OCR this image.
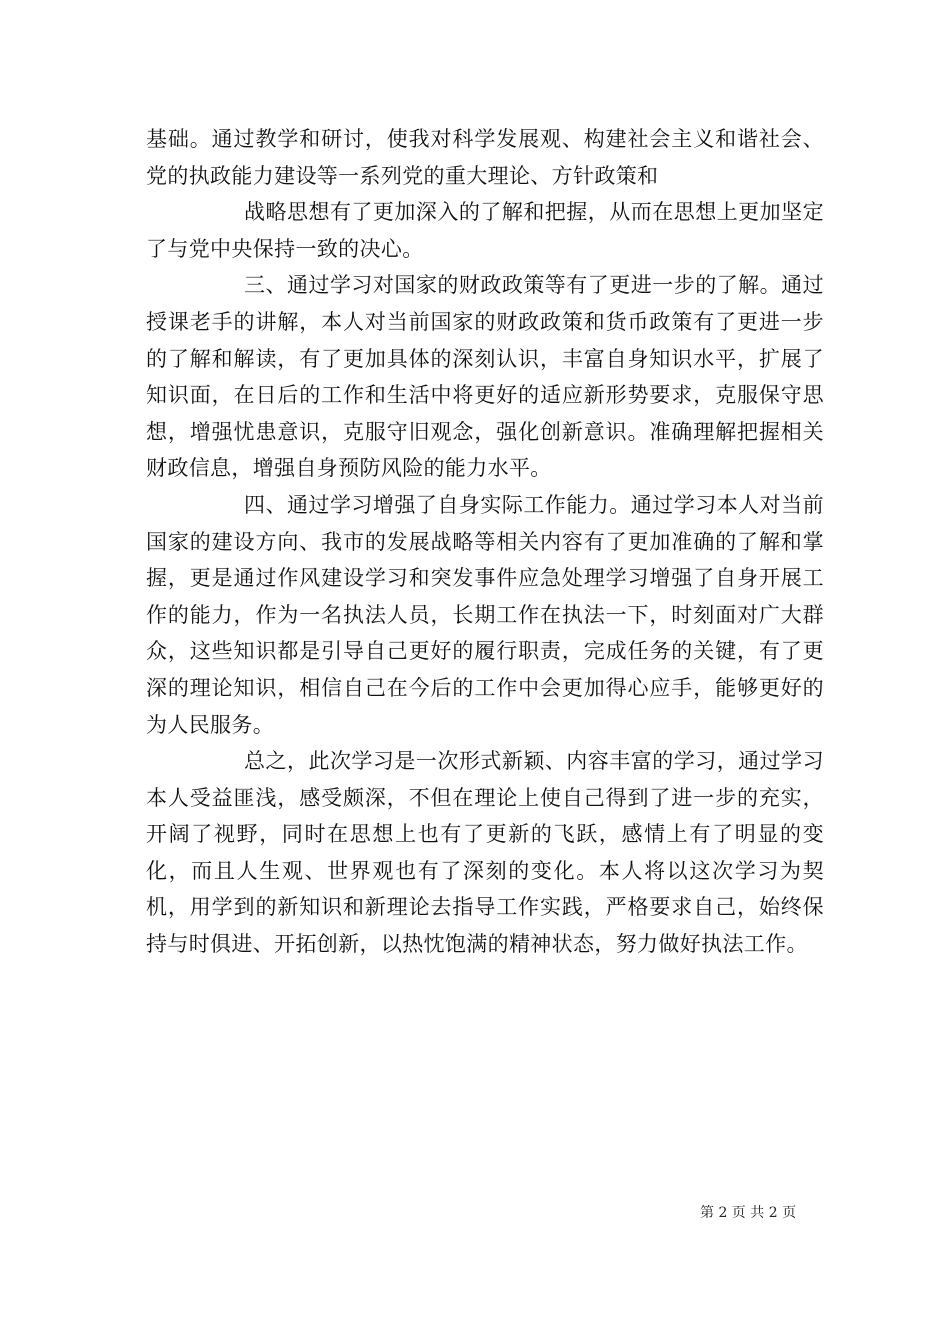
基础。通过教学和研讨，使我对科学发展观、构建社会主义和谐社会、党的执政能力建设等一系列党的重大理论、方针政策和

战略思想有了更加深入的了解和把握，从而在思想上更加坚定了与党中央保持一致的决心。

三、通过学习对国家的财政政策等有了更进一步的了解。通过授课老手的讲解，本人对当前国家的财政政策和货币政策有了更进一步的了解和解读，有了更加具体的深刻认识，丰富自身知识水平，扩展了知识面，在日后的工作和生活中将更好的适应新形势要求，克服保守思想，增强忧患意识，克服守旧观念，强化创新意识。准确理解把握相关财政信息，增强自身预防风险的能力水平。

四、通过学习增强了自身实际工作能力。通过学习本人对当前国家的建设方向、我市的发展战略等相关内容有了更加准确的了解和掌握，更是通过作风建设学习和突发事件应急处理学习增强了自身开展工作的能力，作为一名执法人员，长期工作在执法一下，时刻面对广大群众，这些知识都是引导自己更好的履行职责，完成任务的关键，有了更深的理论知识，相信自己在今后的工作中会更加得心应手，能够更好的为人民服务。

总之，此次学习是一次形式新颖、内容丰富的学习，通过学习本人受益匪浅，感受颇深，不但在理论上使自己得到了进一步的充实，开阔了视野，同时在思想上也有了更新的飞跃，感情上有了明显的变化，而且人生观、世界观也有了深刻的变化。本人将以这次学习为契机，用学到的新知识和新理论去指导工作实践，严格要求自己，始终保持与时俱进、开拓创新，以热忱饱满的精神状态，努力做好执法工作。

第 2 页 共 2 页
